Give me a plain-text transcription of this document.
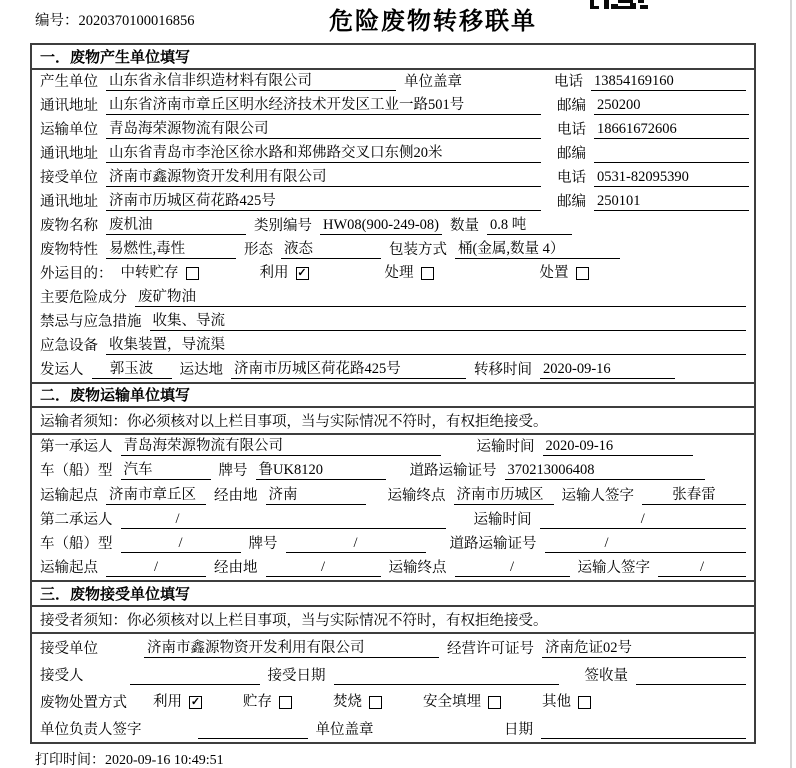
编号：2020370100016856	危险废物转移联单
一．废物产生单位填写
产生单位 山东省永信非织造材料有限公司	单位盖章	电话 13854169160
通讯地址 山东省济南市章丘区明水经济技术开发区工业一路501号	邮编 250200
运输单位 青岛海荣源物流有限公司	电话 18661672606
通讯地址 山东省青岛市李沧区徐水路和郑佛路交叉口东侧20米	邮编
接受单位 济南市鑫源物资开发利用有限公司	电话 0531-82095390
通讯地址 济南市历城区荷花路425号	邮编 250101
废物名称 废机油	类别编号 HW08(900-249-08) 数量 0.8 吨
废物特性 易燃性,毒性	形态 液态	包装方式 桶(金属,数量 4）
外运目的： 中转贮存	利用 ✓	处理	处置
主要危险成分 废矿物油
禁忌与应急措施 收集、导流
应急设备 收集装置，导流渠
发运人	郭玉波	运达地 济南市历城区荷花路425号	转移时间 2020-09-16
二．废物运输单位填写
运输者须知：你必须核对以上栏目事项，当与实际情况不符时，有权拒绝接受。
第一承运人 青岛海荣源物流有限公司	运输时间 2020-09-16
车（船）型 汽车	牌号 鲁UK8120	道路运输证号 370213006408
运输起点 济南市章丘区	经由地 济南	运输终点 济南市历城区	运输人签字	张春雷
第二承运人	/	运输时间	/
车（船）型	/	牌号	/	道路运输证号	/
运输起点	/	经由地	/	运输终点	/	运输人签字	/
三．废物接受单位填写
接受者须知：你必须核对以上栏目事项，当与实际情况不符时，有权拒绝接受。
接受单位	济南市鑫源物资开发利用有限公司	经营许可证号 济南危证02号
接受人	接受日期	签收量
废物处置方式 利用 ✓	贮存	焚烧	安全填埋	其他
单位负责人签字	单位盖章	日期
打印时间：2020-09-16 10:49:51
